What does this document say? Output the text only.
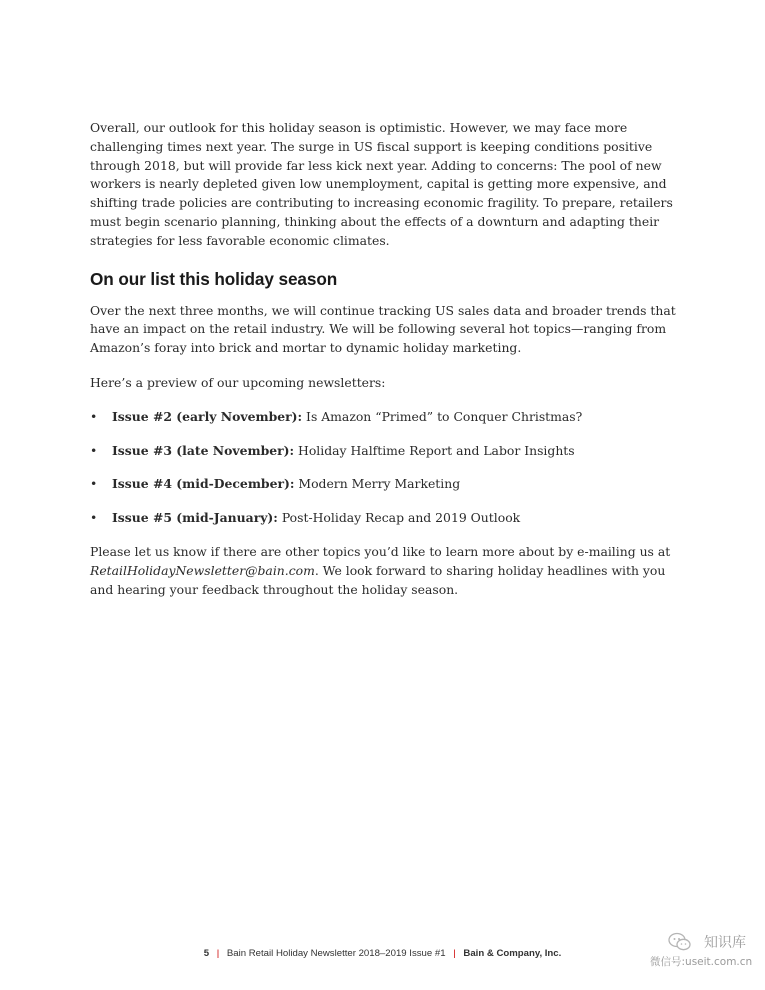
Overall, our outlook for this holiday season is optimistic. However, we may face more challenging times next year. The surge in US fiscal support is keeping conditions positive through 2018, but will provide far less kick next year. Adding to concerns: The pool of new workers is nearly depleted given low unemployment, capital is getting more expensive, and shifting trade policies are contributing to increasing economic fragility. To prepare, retailers must begin scenario planning, thinking about the effects of a downturn and adapting their strategies for less favorable economic climates.

On our list this holiday season

Over the next three months, we will continue tracking US sales data and broader trends that have an impact on the retail industry. We will be following several hot topics—ranging from Amazon’s foray into brick and mortar to dynamic holiday marketing.

Here’s a preview of our upcoming newsletters:

• Issue #2 (early November): Is Amazon “Primed” to Conquer Christmas?
• Issue #3 (late November): Holiday Halftime Report and Labor Insights
• Issue #4 (mid-December): Modern Merry Marketing
• Issue #5 (mid-January): Post-Holiday Recap and 2019 Outlook

Please let us know if there are other topics you’d like to learn more about by e-mailing us at RetailHolidayNewsletter@bain.com. We look forward to sharing holiday headlines with you and hearing your feedback throughout the holiday season.

5 | Bain Retail Holiday Newsletter 2018–2019 Issue #1 | Bain & Company, Inc.
知识库
微信号:useit.com.cn
